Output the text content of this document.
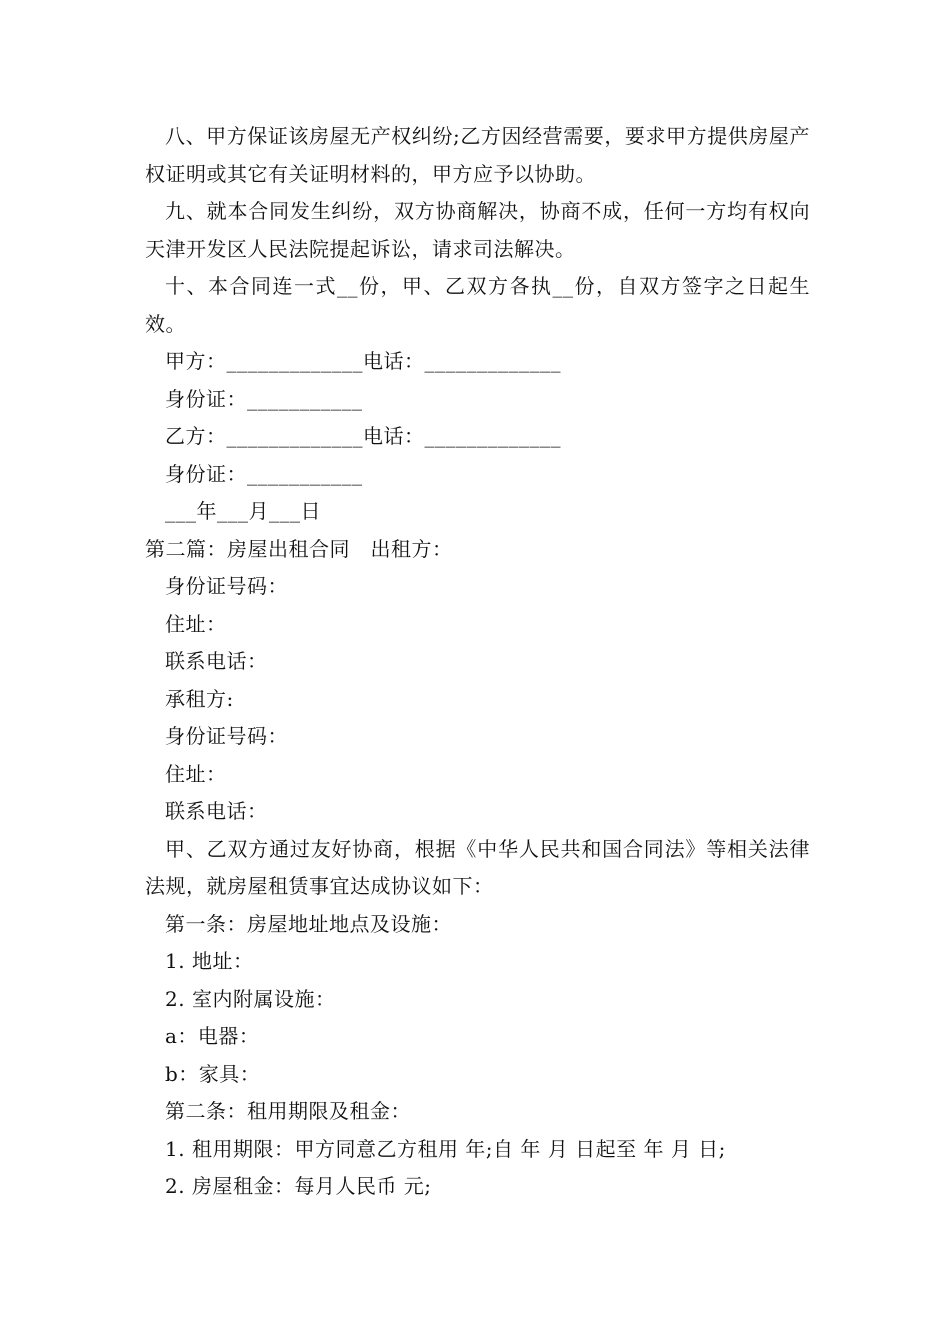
八、甲方保证该房屋无产权纠纷;乙方因经营需要，要求甲方提供房屋产权证明或其它有关证明材料的，甲方应予以协助。

九、就本合同发生纠纷，双方协商解决，协商不成，任何一方均有权向天津开发区人民法院提起诉讼，请求司法解决。

十、本合同连一式__份，甲、乙双方各执__份，自双方签字之日起生效。

甲方：_____________电话：_____________

身份证：___________

乙方：_____________电话：_____________

身份证：___________

___年___月___日

第二篇：房屋出租合同　出租方：

身份证号码：

住址：

联系电话：

承租方:

身份证号码：

住址：

联系电话：

甲、乙双方通过友好协商，根据《中华人民共和国合同法》等相关法律法规，就房屋租赁事宜达成协议如下：

第一条：房屋地址地点及设施：

1. 地址：

2. 室内附属设施：

a：电器：

b：家具：

第二条：租用期限及租金：

1. 租用期限：甲方同意乙方租用 年;自 年 月 日起至 年 月 日;

2. 房屋租金：每月人民币 元;
